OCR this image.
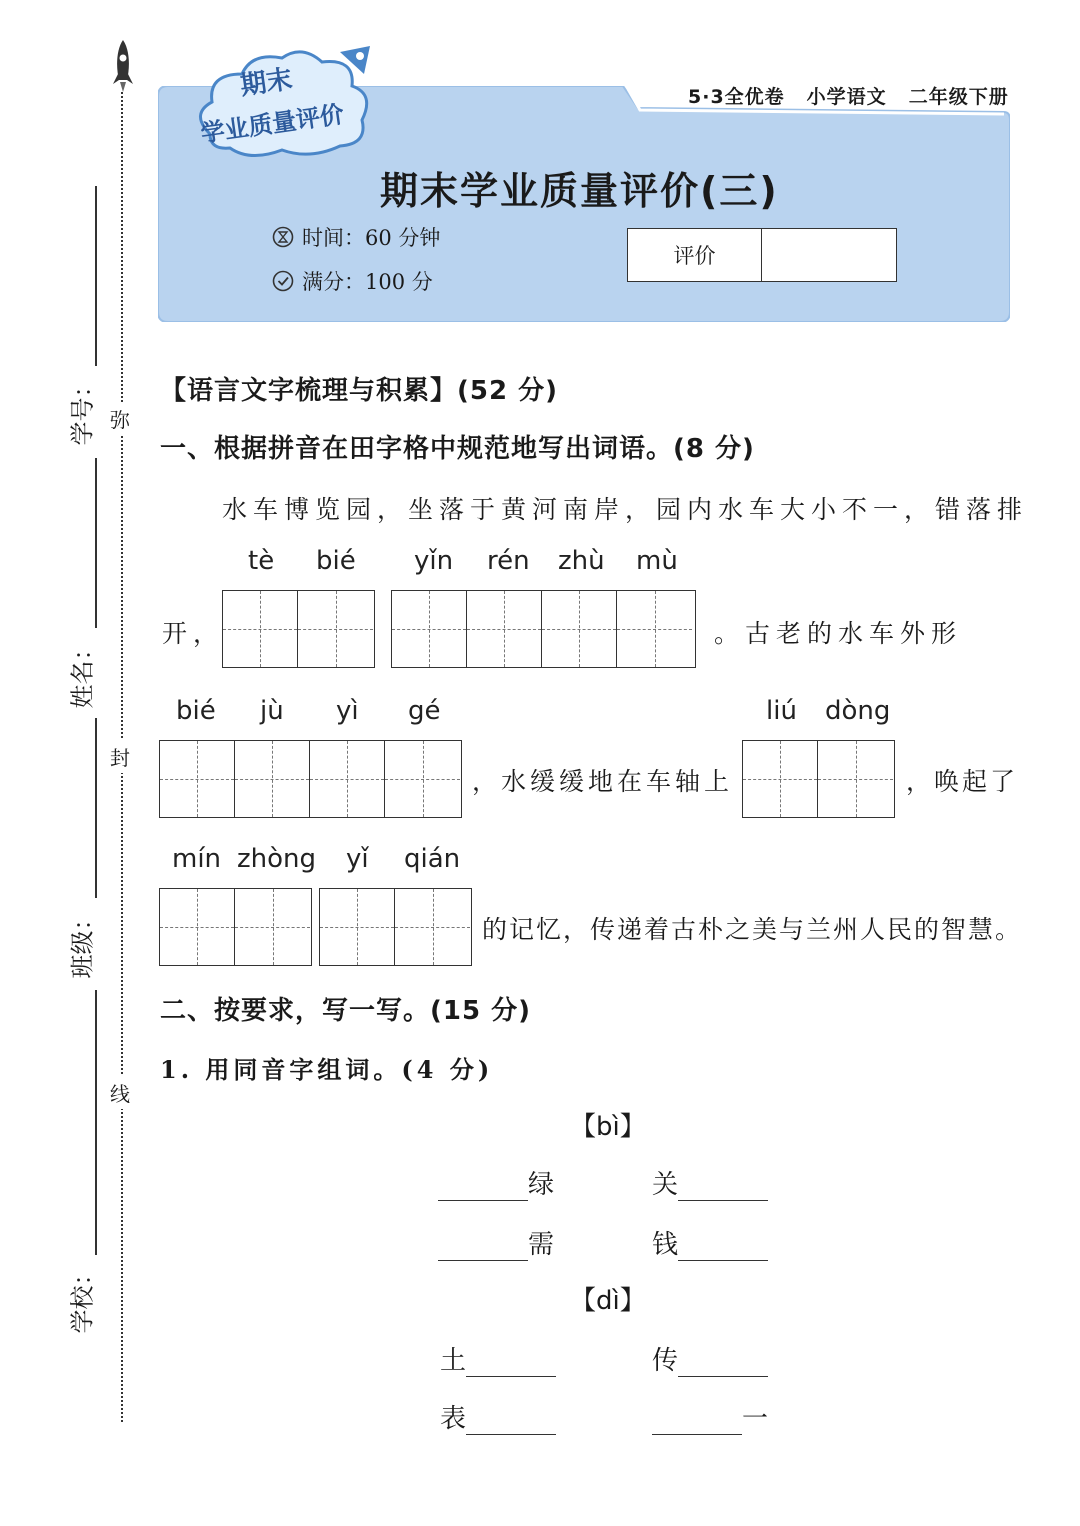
弥
封
线
学号：
姓名：
班级：
学校：
期末
学业质量评价
5·3全优卷 小学语文 二年级下册
期末学业质量评价(三)
时间：60 分钟
满分：100 分
评价
【语言文字梳理与积累】(52 分)
一、根据拼音在田字格中规范地写出词语。(8 分)
水车博览园，坐落于黄河南岸，园内水车大小不一，错落排
tè bié yǐn rén zhù mù
开，	。古老的水车外形
bié jù yì gé	liú dòng
，水缓缓地在车轴上	，唤起了
mín zhòng yǐ qián
的记忆，传递着古朴之美与兰州人民的智慧。
二、按要求，写一写。(15 分)
1. 用同音字组词。(4 分)
【bì】
绿	关
需	钱
【dì】
土	传
表	一
